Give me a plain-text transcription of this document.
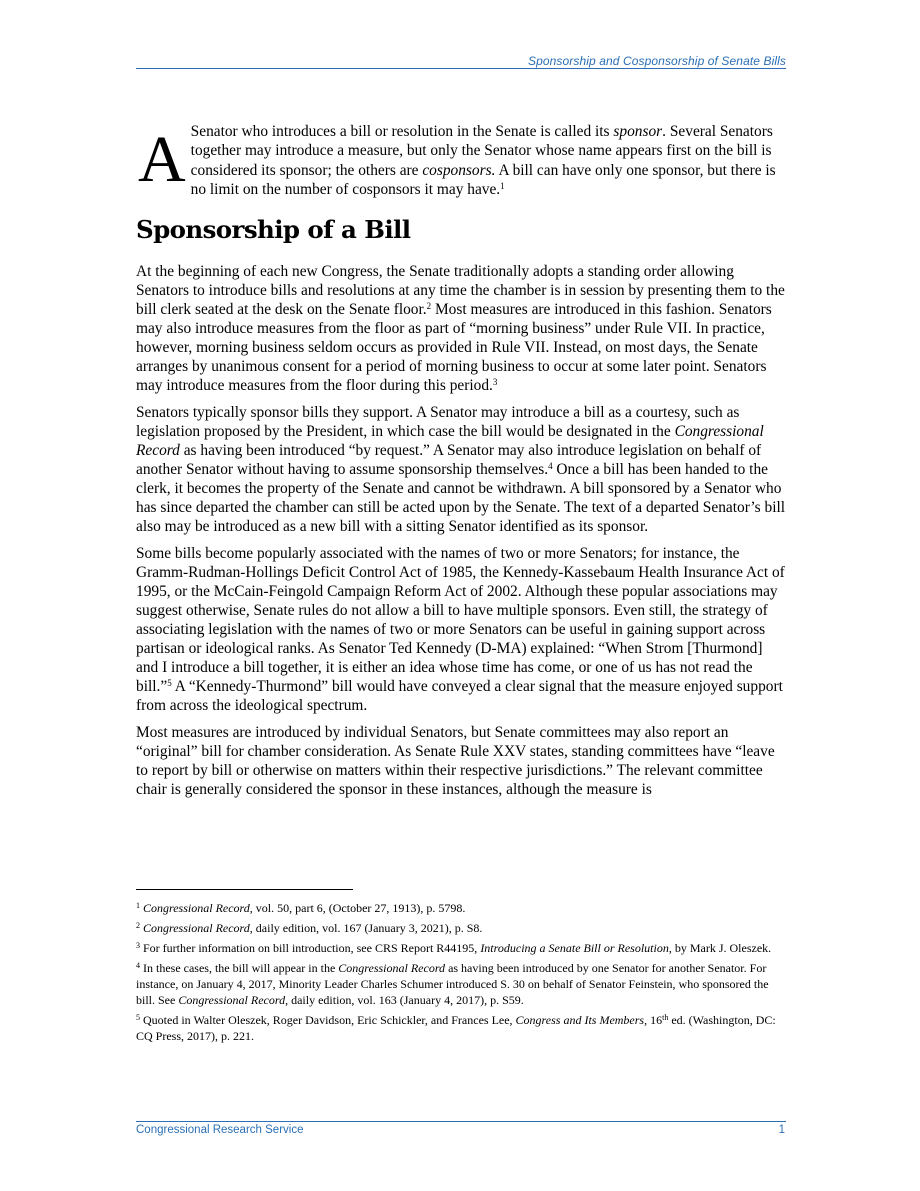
Sponsorship and Cosponsorship of Senate Bills
A Senator who introduces a bill or resolution in the Senate is called its sponsor. Several Senators together may introduce a measure, but only the Senator whose name appears first on the bill is considered its sponsor; the others are cosponsors. A bill can have only one sponsor, but there is no limit on the number of cosponsors it may have.$^1$

Sponsorship of a Bill

At the beginning of each new Congress, the Senate traditionally adopts a standing order allowing Senators to introduce bills and resolutions at any time the chamber is in session by presenting them to the bill clerk seated at the desk on the Senate floor.$^2$ Most measures are introduced in this fashion. Senators may also introduce measures from the floor as part of “morning business” under Rule VII. In practice, however, morning business seldom occurs as provided in Rule VII. Instead, on most days, the Senate arranges by unanimous consent for a period of morning business to occur at some later point. Senators may introduce measures from the floor during this period.$^3$

Senators typically sponsor bills they support. A Senator may introduce a bill as a courtesy, such as legislation proposed by the President, in which case the bill would be designated in the Congressional Record as having been introduced “by request.” A Senator may also introduce legislation on behalf of another Senator without having to assume sponsorship themselves.$^4$ Once a bill has been handed to the clerk, it becomes the property of the Senate and cannot be withdrawn. A bill sponsored by a Senator who has since departed the chamber can still be acted upon by the Senate. The text of a departed Senator’s bill also may be introduced as a new bill with a sitting Senator identified as its sponsor.

Some bills become popularly associated with the names of two or more Senators; for instance, the Gramm-Rudman-Hollings Deficit Control Act of 1985, the Kennedy-Kassebaum Health Insurance Act of 1995, or the McCain-Feingold Campaign Reform Act of 2002. Although these popular associations may suggest otherwise, Senate rules do not allow a bill to have multiple sponsors. Even still, the strategy of associating legislation with the names of two or more Senators can be useful in gaining support across partisan or ideological ranks. As Senator Ted Kennedy (D-MA) explained: “When Strom [Thurmond] and I introduce a bill together, it is either an idea whose time has come, or one of us has not read the bill.”$^5$ A “Kennedy-Thurmond” bill would have conveyed a clear signal that the measure enjoyed support from across the ideological spectrum.

Most measures are introduced by individual Senators, but Senate committees may also report an “original” bill for chamber consideration. As Senate Rule XXV states, standing committees have “leave to report by bill or otherwise on matters within their respective jurisdictions.” The relevant committee chair is generally considered the sponsor in these instances, although the measure is

$^1$ Congressional Record, vol. 50, part 6, (October 27, 1913), p. 5798.

$^2$ Congressional Record, daily edition, vol. 167 (January 3, 2021), p. S8.

$^3$ For further information on bill introduction, see CRS Report R44195, Introducing a Senate Bill or Resolution, by Mark J. Oleszek.

$^4$ In these cases, the bill will appear in the Congressional Record as having been introduced by one Senator for another Senator. For instance, on January 4, 2017, Minority Leader Charles Schumer introduced S. 30 on behalf of Senator Feinstein, who sponsored the bill. See Congressional Record, daily edition, vol. 163 (January 4, 2017), p. S59.

$^5$ Quoted in Walter Oleszek, Roger Davidson, Eric Schickler, and Frances Lee, Congress and Its Members, 16th ed. (Washington, DC: CQ Press, 2017), p. 221.

Congressional Research Service	1
